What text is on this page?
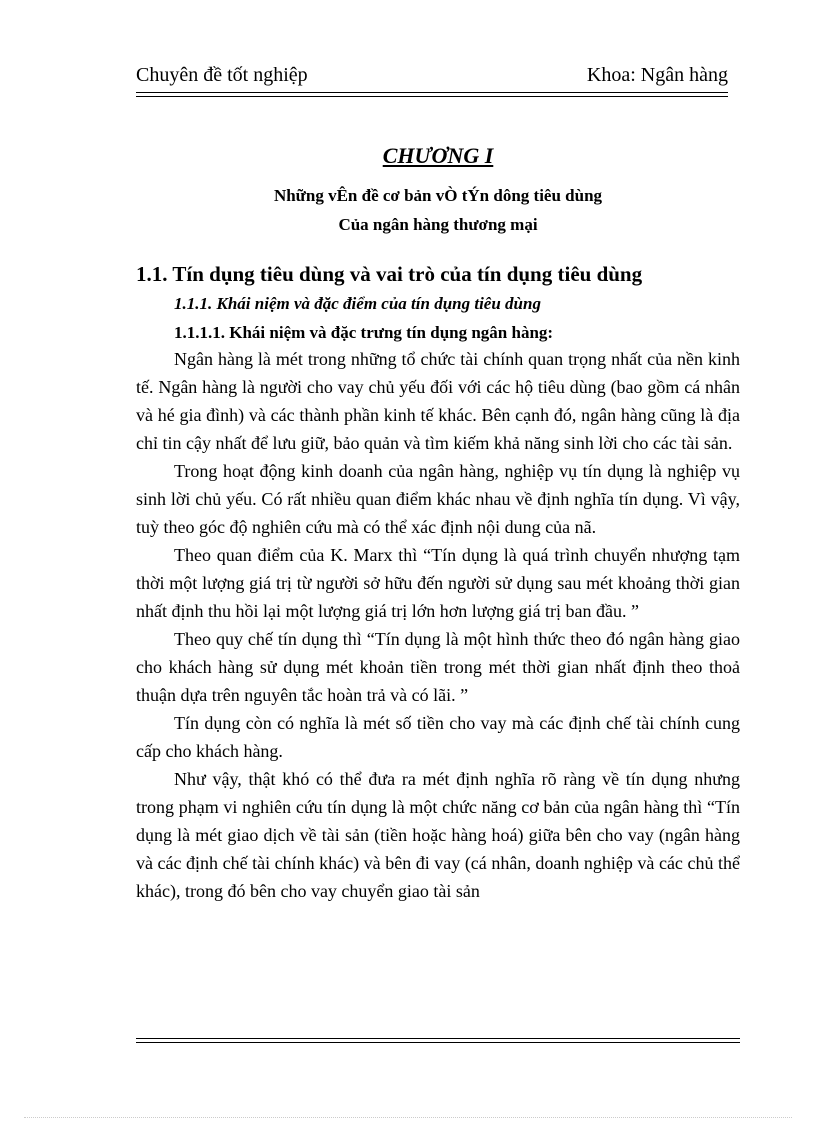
Chuyên đề tốt nghiệp	Khoa: Ngân hàng
CHƯƠNG I
Những vÊn đề cơ bản vÒ tÝn dông tiêu dùng
Của ngân hàng thương mại
1.1. Tín dụng tiêu dùng và vai trò của tín dụng tiêu dùng
1.1.1. Khái niệm và đặc điểm của tín dụng tiêu dùng
1.1.1.1. Khái niệm và đặc trưng tín dụng ngân hàng:

Ngân hàng là mét trong những tổ chức tài chính quan trọng nhất của nền kinh tế. Ngân hàng là người cho vay chủ yếu đối với các hộ tiêu dùng (bao gồm cá nhân và hé gia đình) và các thành phần kinh tế khác. Bên cạnh đó, ngân hàng cũng là địa chỉ tin cậy nhất để lưu giữ, bảo quản và tìm kiếm khả năng sinh lời cho các tài sản.

Trong hoạt động kinh doanh của ngân hàng, nghiệp vụ tín dụng là nghiệp vụ sinh lời chủ yếu. Có rất nhiều quan điểm khác nhau về định nghĩa tín dụng. Vì vậy, tuỳ theo góc độ nghiên cứu mà có thể xác định nội dung của nã.

Theo quan điểm của K. Marx thì “Tín dụng là quá trình chuyển nhượng tạm thời một lượng giá trị từ người sở hữu đến người sử dụng sau mét khoảng thời gian nhất định thu hồi lại một lượng giá trị lớn hơn lượng giá trị ban đầu. ”

Theo quy chế tín dụng thì “Tín dụng là một hình thức theo đó ngân hàng giao cho khách hàng sử dụng mét khoản tiền trong mét thời gian nhất định theo thoả thuận dựa trên nguyên tắc hoàn trả và có lãi. ”

Tín dụng còn có nghĩa là mét số tiền cho vay mà các định chế tài chính cung cấp cho khách hàng.

Như vậy, thật khó có thể đưa ra mét định nghĩa rõ ràng về tín dụng nhưng trong phạm vi nghiên cứu tín dụng là một chức năng cơ bản của ngân hàng thì “Tín dụng là mét giao dịch về tài sản (tiền hoặc hàng hoá) giữa bên cho vay (ngân hàng và các định chế tài chính khác) và bên đi vay (cá nhân, doanh nghiệp và các chủ thể khác), trong đó bên cho vay chuyển giao tài sản
